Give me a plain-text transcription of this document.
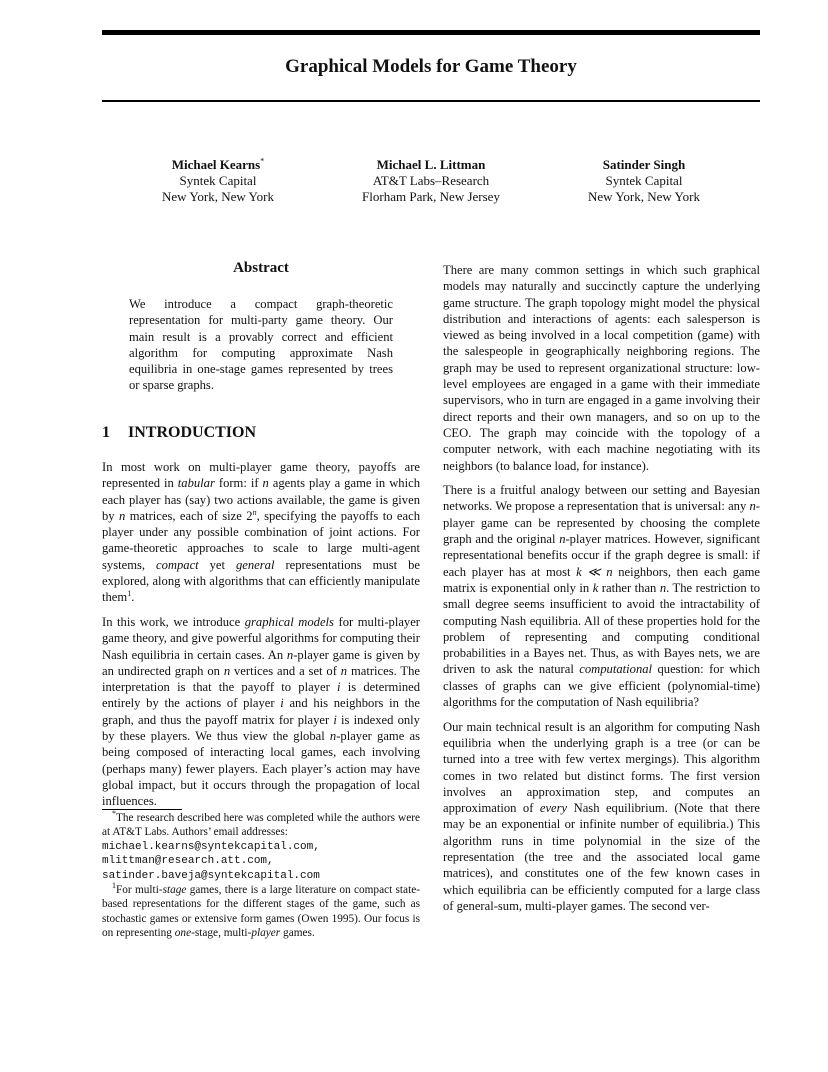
Graphical Models for Game Theory
Michael Kearns*
Syntek Capital
New York, New York
Michael L. Littman
AT&T Labs–Research
Florham Park, New Jersey
Satinder Singh
Syntek Capital
New York, New York
Abstract
We introduce a compact graph-theoretic representation for multi-party game theory. Our main result is a provably correct and efficient algorithm for computing approximate Nash equilibria in one-stage games represented by trees or sparse graphs.
1 INTRODUCTION

In most work on multi-player game theory, payoffs are represented in tabular form: if n agents play a game in which each player has (say) two actions available, the game is given by n matrices, each of size 2$^n$, specifying the payoffs to each player under any possible combination of joint actions. For game-theoretic approaches to scale to large multi-agent systems, compact yet general representations must be explored, along with algorithms that can efficiently manipulate them$^1$.

In this work, we introduce graphical models for multi-player game theory, and give powerful algorithms for computing their Nash equilibria in certain cases. An n-player game is given by an undirected graph on n vertices and a set of n matrices. The interpretation is that the payoff to player i is determined entirely by the actions of player i and his neighbors in the graph, and thus the payoff matrix for player i is indexed only by these players. We thus view the global n-player game as being composed of interacting local games, each involving (perhaps many) fewer players. Each player’s action may have global impact, but it occurs through the propagation of local influences.

*The research described here was completed while the authors were at AT&T Labs. Authors’ email addresses:

michael.kearns@syntekcapital.com,
mlittman@research.att.com,
satinder.baveja@syntekcapital.com

$^1$For multi-stage games, there is a large literature on compact state-based representations for the different stages of the game, such as stochastic games or extensive form games (Owen 1995). Our focus is on representing one-stage, multi-player games.

There are many common settings in which such graphical models may naturally and succinctly capture the underlying game structure. The graph topology might model the physical distribution and interactions of agents: each salesperson is viewed as being involved in a local competition (game) with the salespeople in geographically neighboring regions. The graph may be used to represent organizational structure: low-level employees are engaged in a game with their immediate supervisors, who in turn are engaged in a game involving their direct reports and their own managers, and so on up to the CEO. The graph may coincide with the topology of a computer network, with each machine negotiating with its neighbors (to balance load, for instance).

There is a fruitful analogy between our setting and Bayesian networks. We propose a representation that is universal: any n-player game can be represented by choosing the complete graph and the original n-player matrices. However, significant representational benefits occur if the graph degree is small: if each player has at most k ≪ n neighbors, then each game matrix is exponential only in k rather than n. The restriction to small degree seems insufficient to avoid the intractability of computing Nash equilibria. All of these properties hold for the problem of representing and computing conditional probabilities in a Bayes net. Thus, as with Bayes nets, we are driven to ask the natural computational question: for which classes of graphs can we give efficient (polynomial-time) algorithms for the computation of Nash equilibria?

Our main technical result is an algorithm for computing Nash equilibria when the underlying graph is a tree (or can be turned into a tree with few vertex mergings). This algorithm comes in two related but distinct forms. The first version involves an approximation step, and computes an approximation of every Nash equilibrium. (Note that there may be an exponential or infinite number of equilibria.) This algorithm runs in time polynomial in the size of the representation (the tree and the associated local game matrices), and constitutes one of the few known cases in which equilibria can be efficiently computed for a large class of general-sum, multi-player games. The second ver-
